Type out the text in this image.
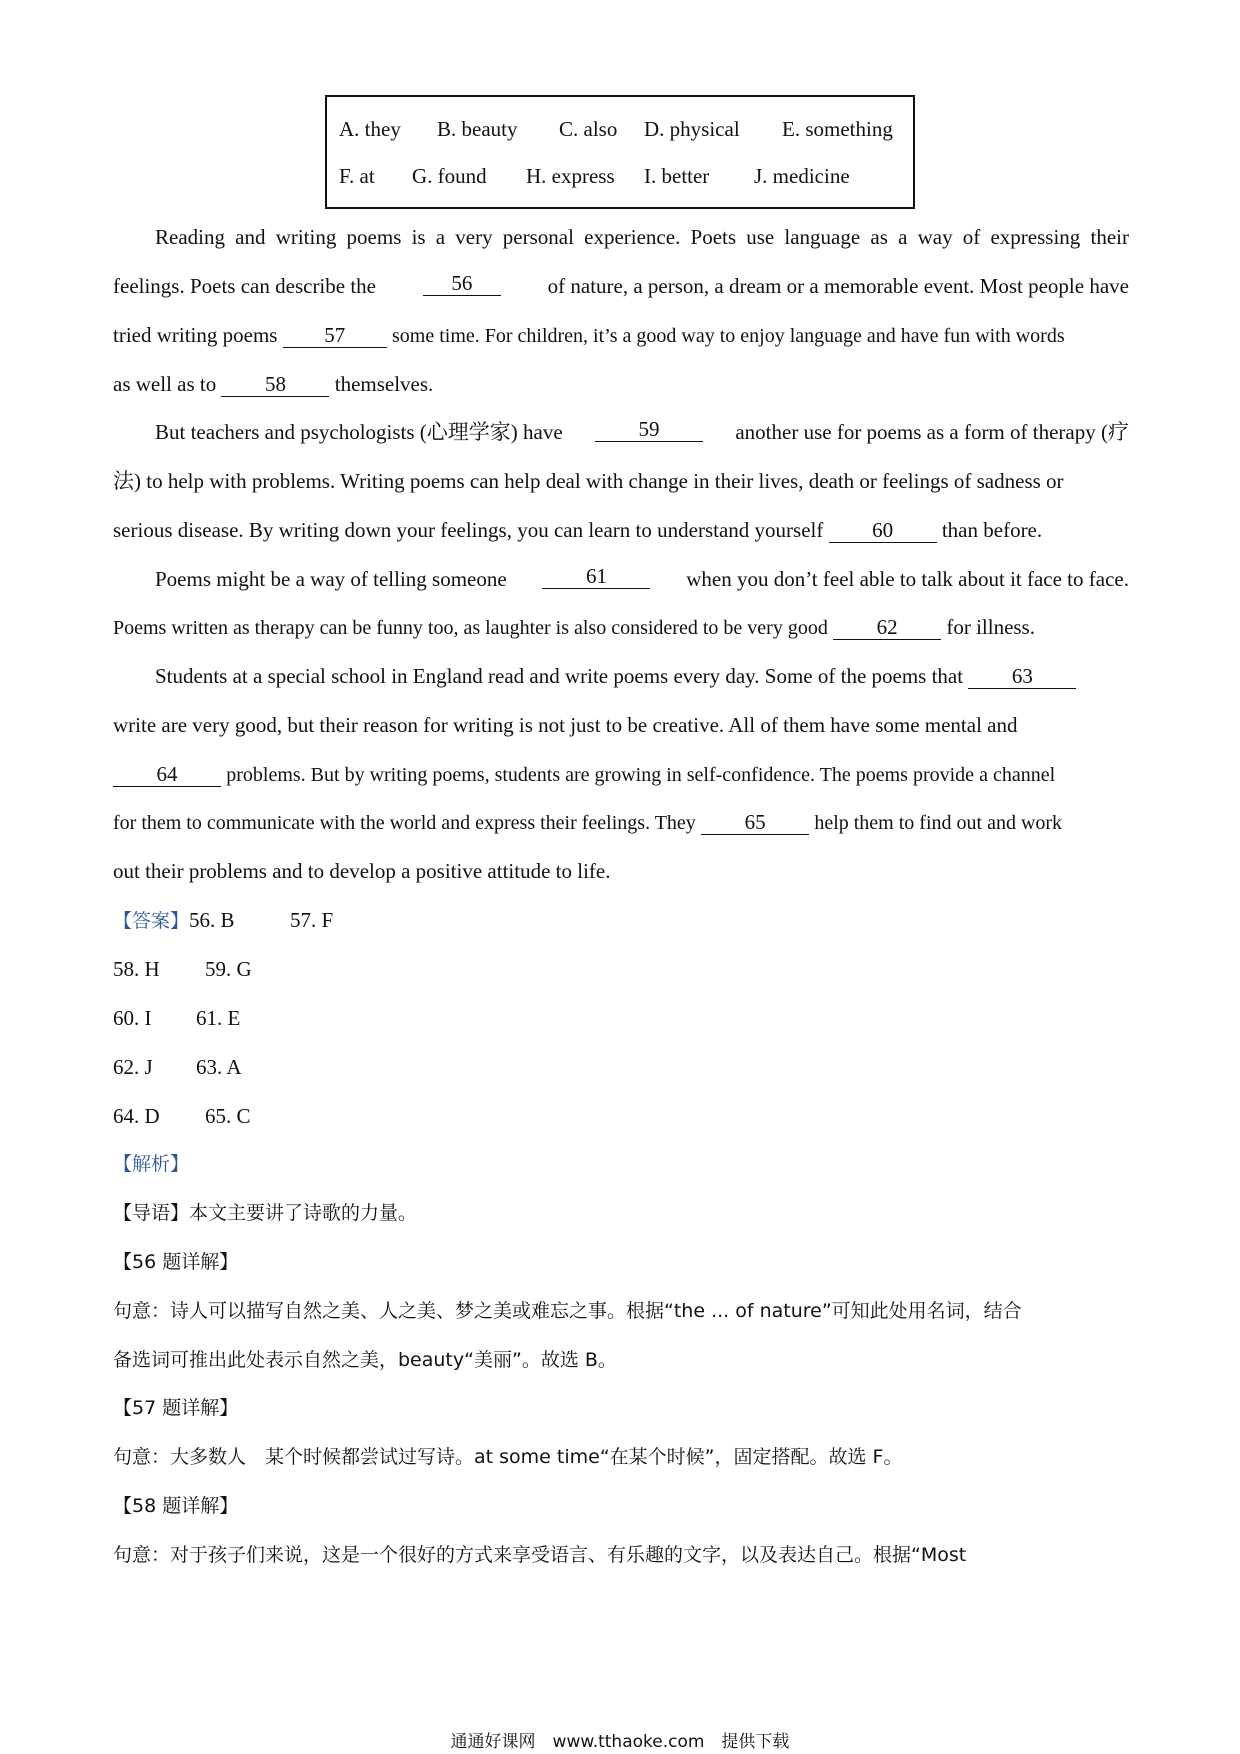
A. they B. beauty C. also D. physical E. something
F. at G. found H. express I. better J. medicine
Reading and writing poems is a very personal experience. Poets use language as a way of expressing their
feelings. Poets can describe the	56	of nature, a person, a dream or a memorable event. Most people have
tried writing poems 57 some time. For children, it’s a good way to enjoy language and have fun with words
as well as to 58 themselves.
But teachers and psychologists (心理学家) have	59	another use for poems as a form of therapy (疗
法) to help with problems. Writing poems can help deal with change in their lives, death or feelings of sadness or
serious disease. By writing down your feelings, you can learn to understand yourself 60 than before.
Poems might be a way of telling someone	61	when you don’t feel able to talk about it face to face.
Poems written as therapy can be funny too, as laughter is also considered to be very good 62 for illness.
Students at a special school in England read and write poems every day. Some of the poems that 63
write are very good, but their reason for writing is not just to be creative. All of them have some mental and
64 problems. But by writing poems, students are growing in self-confidence. The poems provide a channel
for them to communicate with the world and express their feelings. They 65 help them to find out and work
out their problems and to develop a positive attitude to life.
【答案】56. B	57. F
58. H 59. G
60. I 61. E
62. J 63. A
64. D 65. C
【解析】
【导语】本文主要讲了诗歌的力量。
【56 题详解】
句意：诗人可以描写自然之美、人之美、梦之美或难忘之事。根据“the ... of nature”可知此处用名词，结合
备选词可推出此处表示自然之美，beauty“美丽”。故选 B。
【57 题详解】
句意：大多数人　某个时候都尝试过写诗。at some time“在某个时候”，固定搭配。故选 F。
【58 题详解】
句意：对于孩子们来说，这是一个很好的方式来享受语言、有乐趣的文字，以及表达自己。根据“Most
通通好课网　www.tthaoke.com　提供下载
